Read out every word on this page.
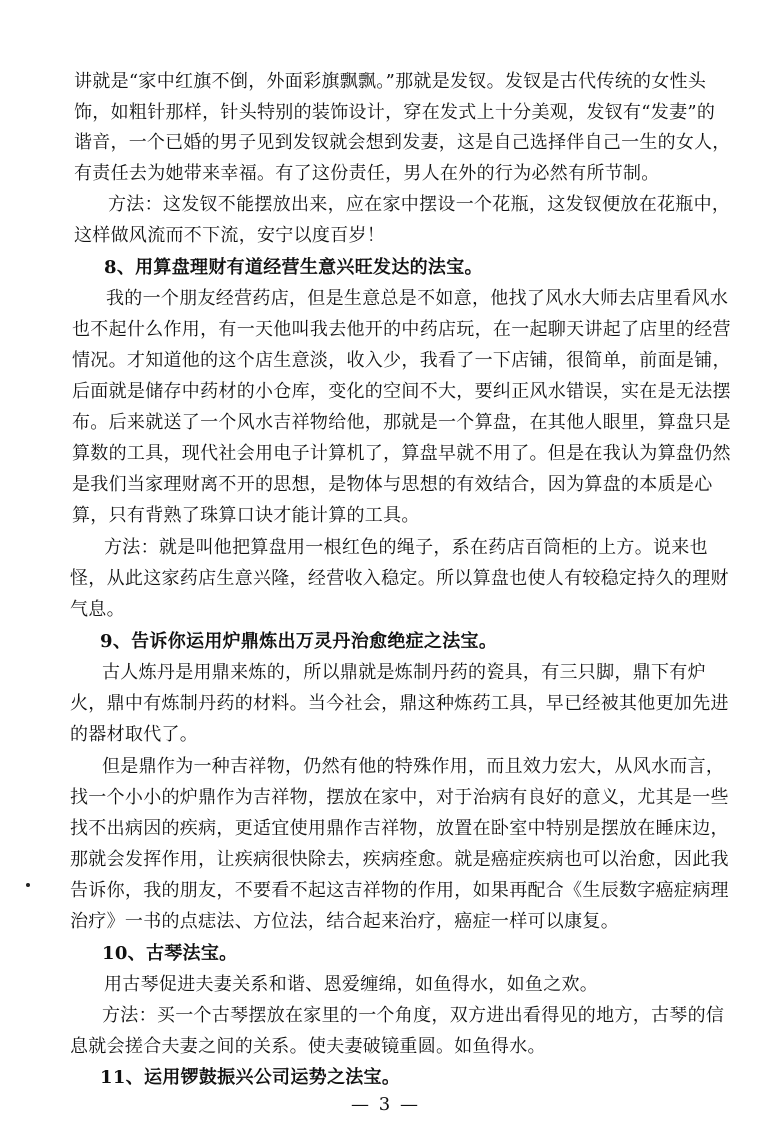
讲就是“家中红旗不倒，外面彩旗飘飘。”那就是发钗。发钗是古代传统的女性头
饰，如粗针那样，针头特别的装饰设计，穿在发式上十分美观，发钗有“发妻”的
谐音，一个已婚的男子见到发钗就会想到发妻，这是自己选择伴自己一生的女人，
有责任去为她带来幸福。有了这份责任，男人在外的行为必然有所节制。
方法：这发钗不能摆放出来，应在家中摆设一个花瓶，这发钗便放在花瓶中，
这样做风流而不下流，安宁以度百岁！
8、用算盘理财有道经营生意兴旺发达的法宝。
我的一个朋友经营药店，但是生意总是不如意，他找了风水大师去店里看风水
也不起什么作用，有一天他叫我去他开的中药店玩，在一起聊天讲起了店里的经营
情况。才知道他的这个店生意淡，收入少，我看了一下店铺，很简单，前面是铺，
后面就是储存中药材的小仓库，变化的空间不大，要纠正风水错误，实在是无法摆
布。后来就送了一个风水吉祥物给他，那就是一个算盘，在其他人眼里，算盘只是
算数的工具，现代社会用电子计算机了，算盘早就不用了。但是在我认为算盘仍然
是我们当家理财离不开的思想，是物体与思想的有效结合，因为算盘的本质是心
算，只有背熟了珠算口诀才能计算的工具。
方法：就是叫他把算盘用一根红色的绳子，系在药店百筒柜的上方。说来也
怪，从此这家药店生意兴隆，经营收入稳定。所以算盘也使人有较稳定持久的理财
气息。
9、告诉你运用炉鼎炼出万灵丹治愈绝症之法宝。
古人炼丹是用鼎来炼的，所以鼎就是炼制丹药的瓷具，有三只脚，鼎下有炉
火，鼎中有炼制丹药的材料。当今社会，鼎这种炼药工具，早已经被其他更加先进
的器材取代了。
但是鼎作为一种吉祥物，仍然有他的特殊作用，而且效力宏大，从风水而言，
找一个小小的炉鼎作为吉祥物，摆放在家中，对于治病有良好的意义，尤其是一些
找不出病因的疾病，更适宜使用鼎作吉祥物，放置在卧室中特别是摆放在睡床边，
那就会发挥作用，让疾病很快除去，疾病痊愈。就是癌症疾病也可以治愈，因此我
告诉你，我的朋友，不要看不起这吉祥物的作用，如果再配合《生辰数字癌症病理
治疗》一书的点痣法、方位法，结合起来治疗，癌症一样可以康复。
10、古琴法宝。
用古琴促进夫妻关系和谐、恩爱缠绵，如鱼得水，如鱼之欢。
方法：买一个古琴摆放在家里的一个角度，双方进出看得见的地方，古琴的信
息就会搓合夫妻之间的关系。使夫妻破镜重圆。如鱼得水。
11、运用锣鼓振兴公司运势之法宝。
— 3 —
